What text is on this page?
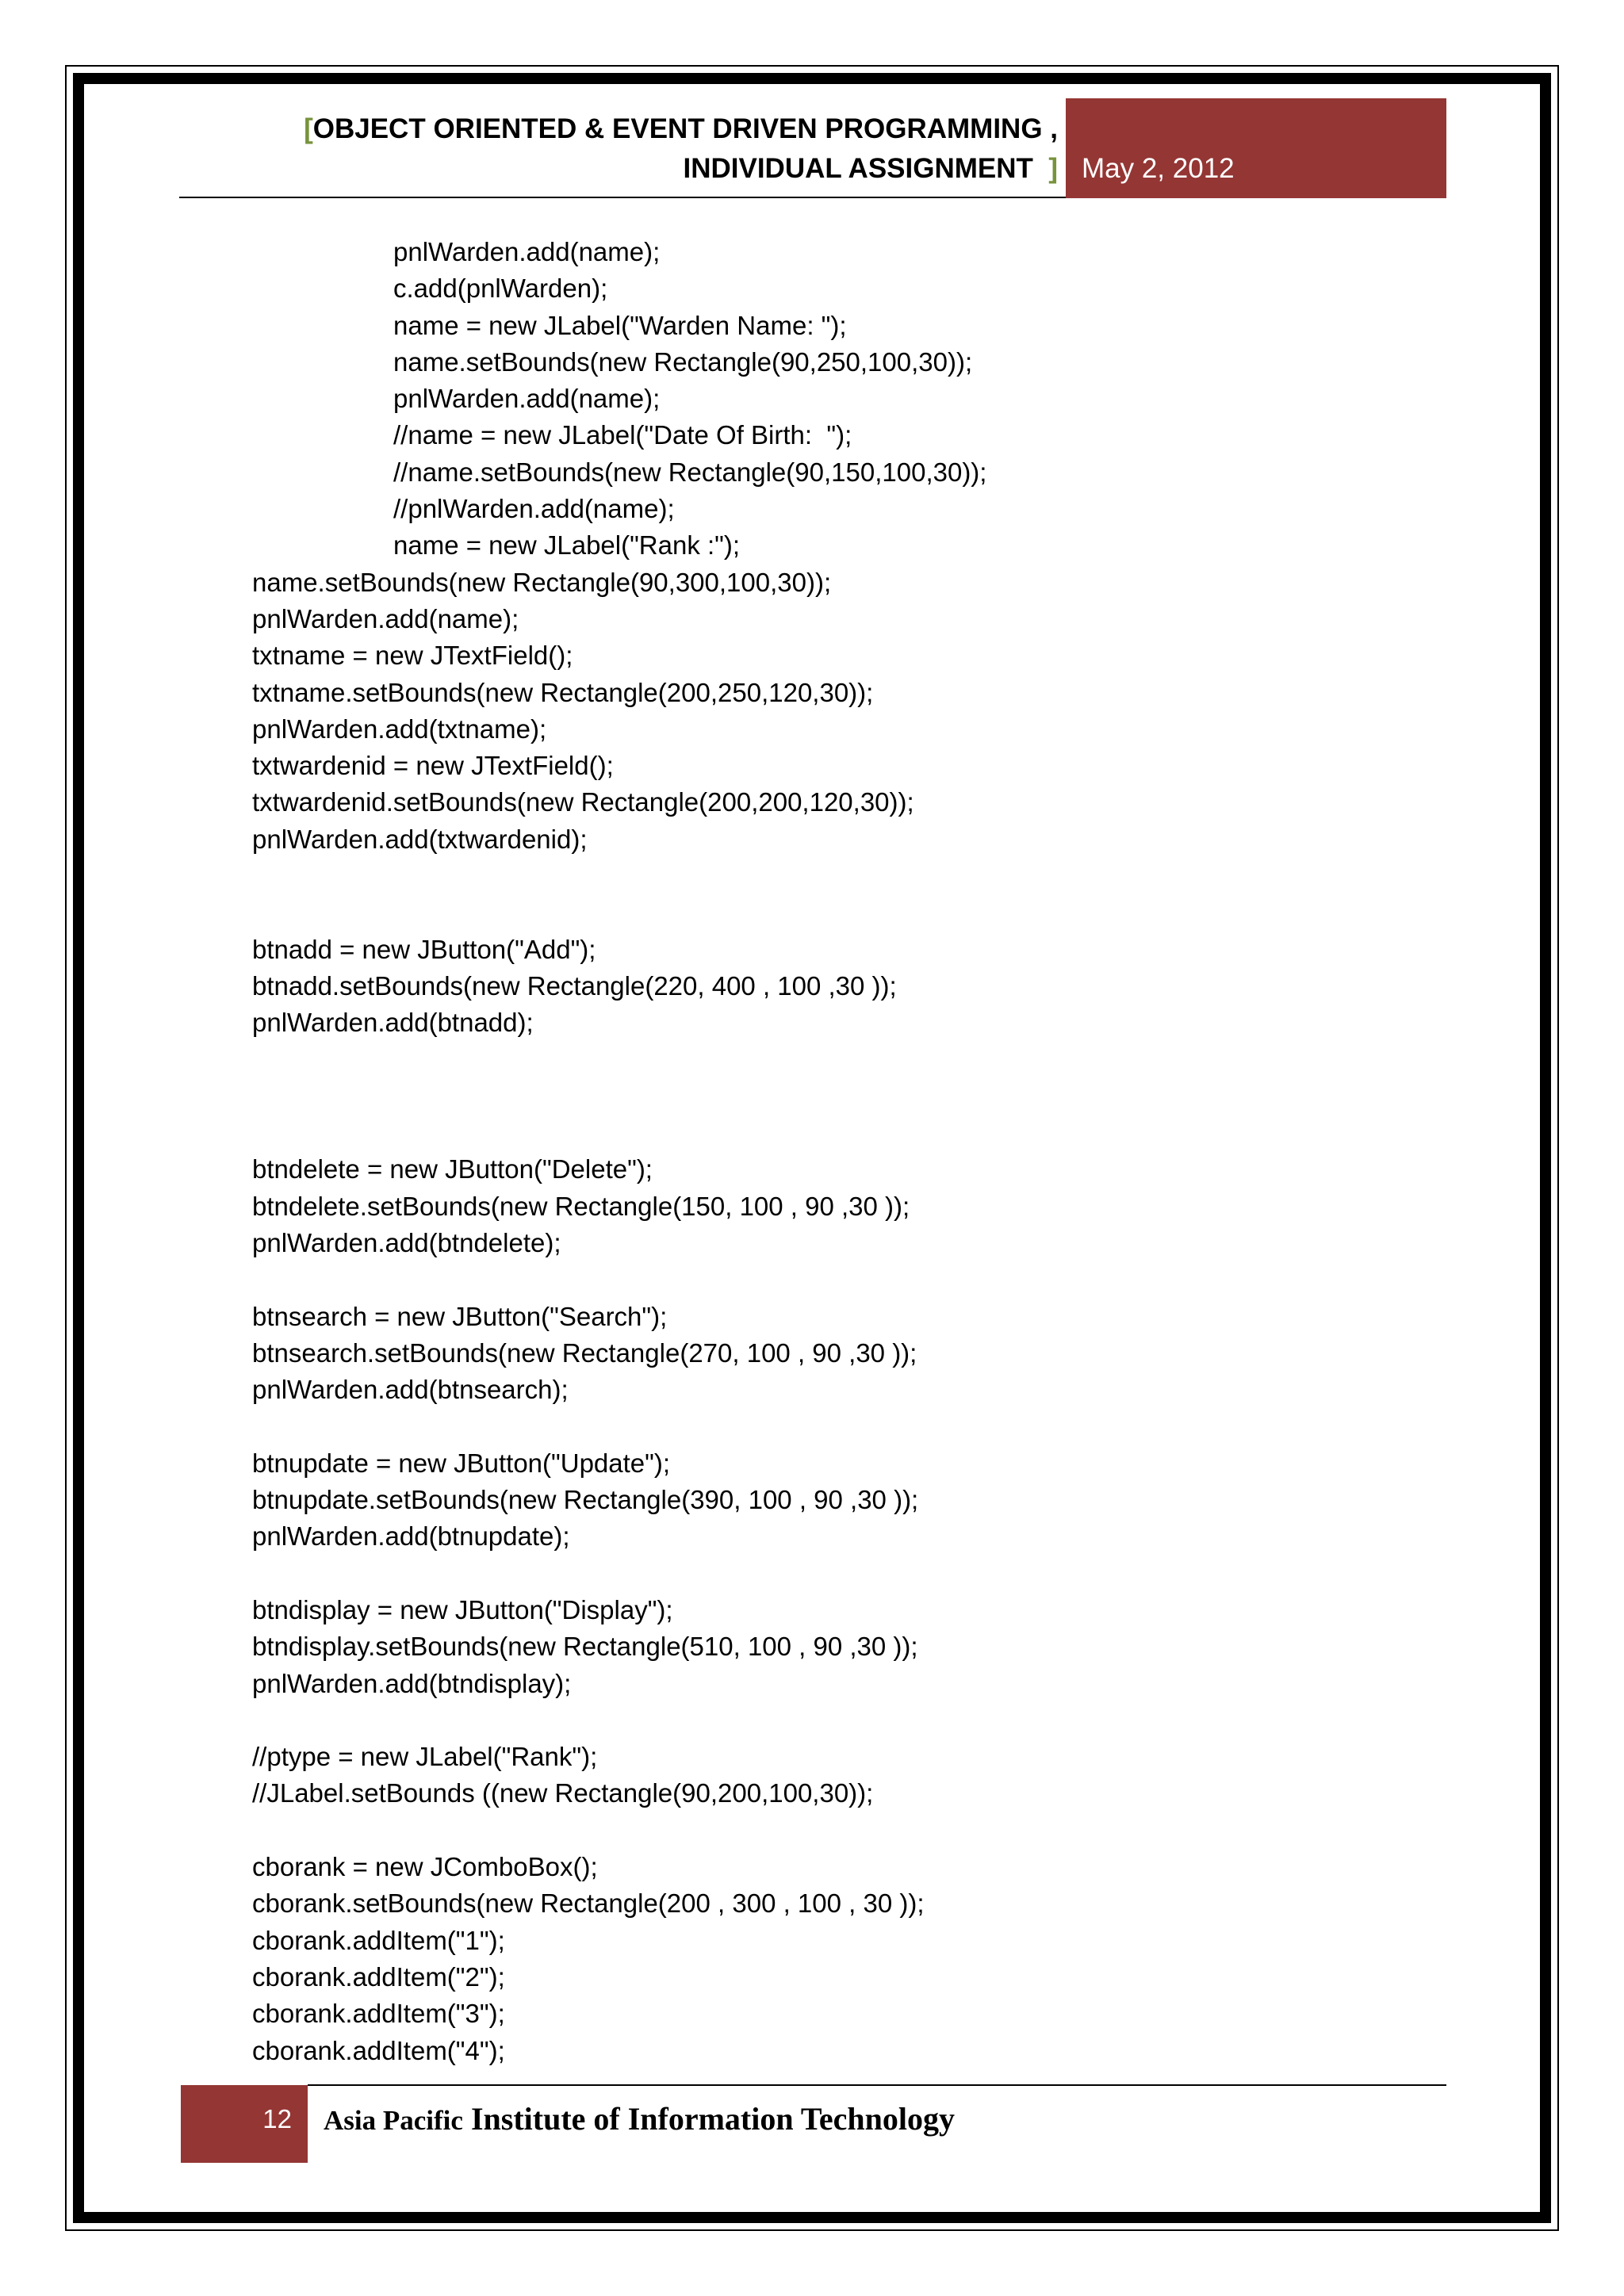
[OBJECT ORIENTED & EVENT DRIVEN PROGRAMMING ,
INDIVIDUAL ASSIGNMENT ] May 2, 2012
pnlWarden.add(name);
c.add(pnlWarden);
name = new JLabel("Warden Name: ");
name.setBounds(new Rectangle(90,250,100,30));
pnlWarden.add(name);
//name = new JLabel("Date Of Birth:  ");
//name.setBounds(new Rectangle(90,150,100,30));
//pnlWarden.add(name);
name = new JLabel("Rank :");
name.setBounds(new Rectangle(90,300,100,30));
pnlWarden.add(name);
txtname = new JTextField();
txtname.setBounds(new Rectangle(200,250,120,30));
pnlWarden.add(txtname);
txtwardenid = new JTextField();
txtwardenid.setBounds(new Rectangle(200,200,120,30));
pnlWarden.add(txtwardenid);
btnadd = new JButton("Add");
btnadd.setBounds(new Rectangle(220, 400 , 100 ,30 ));
pnlWarden.add(btnadd);
btndelete = new JButton("Delete");
btndelete.setBounds(new Rectangle(150, 100 , 90 ,30 ));
pnlWarden.add(btndelete);
btnsearch = new JButton("Search");
btnsearch.setBounds(new Rectangle(270, 100 , 90 ,30 ));
pnlWarden.add(btnsearch);
btnupdate = new JButton("Update");
btnupdate.setBounds(new Rectangle(390, 100 , 90 ,30 ));
pnlWarden.add(btnupdate);
btndisplay = new JButton("Display");
btndisplay.setBounds(new Rectangle(510, 100 , 90 ,30 ));
pnlWarden.add(btndisplay);
//ptype = new JLabel("Rank");
//JLabel.setBounds ((new Rectangle(90,200,100,30));
cborank = new JComboBox();
cborank.setBounds(new Rectangle(200 , 300 , 100 , 30 ));
cborank.addItem("1");
cborank.addItem("2");
cborank.addItem("3");
cborank.addItem("4");
12 Asia Pacific Institute of Information Technology
